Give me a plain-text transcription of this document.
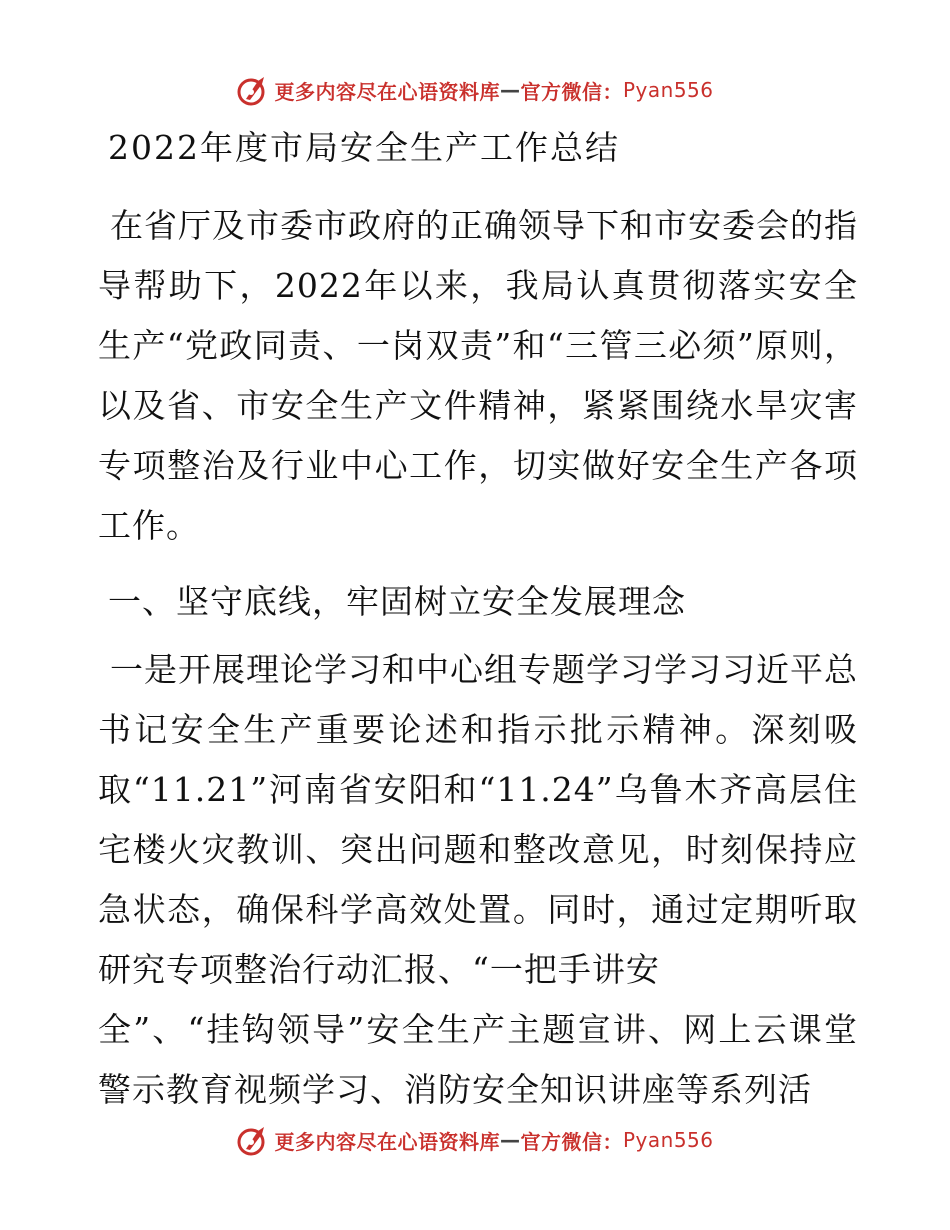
更多内容尽在心语资料库 — 官方微信： Pyan556
2022年度市局安全生产工作总结

在省厅及市委市政府的正确领导下和市安委会的指导帮助下，2022年以来，我局认真贯彻落实安全生产“党政同责、一岗双责”和“三管三必须”原则，以及省、市安全生产文件精神，紧紧围绕水旱灾害专项整治及行业中心工作，切实做好安全生产各项工作。

一、坚守底线，牢固树立安全发展理念

一是开展理论学习和中心组专题学习学习习近平总书记安全生产重要论述和指示批示精神。深刻吸取“11.21”河南省安阳和“11.24”乌鲁木齐高层住宅楼火灾教训、突出问题和整改意见，时刻保持应急状态，确保科学高效处置。同时，通过定期听取研究专项整治行动汇报、“一把手讲安
全”、“挂钩领导”安全生产主题宣讲、网上云课堂警示教育视频学习、消防安全知识讲座等系列活

更多内容尽在心语资料库 — 官方微信： Pyan556
